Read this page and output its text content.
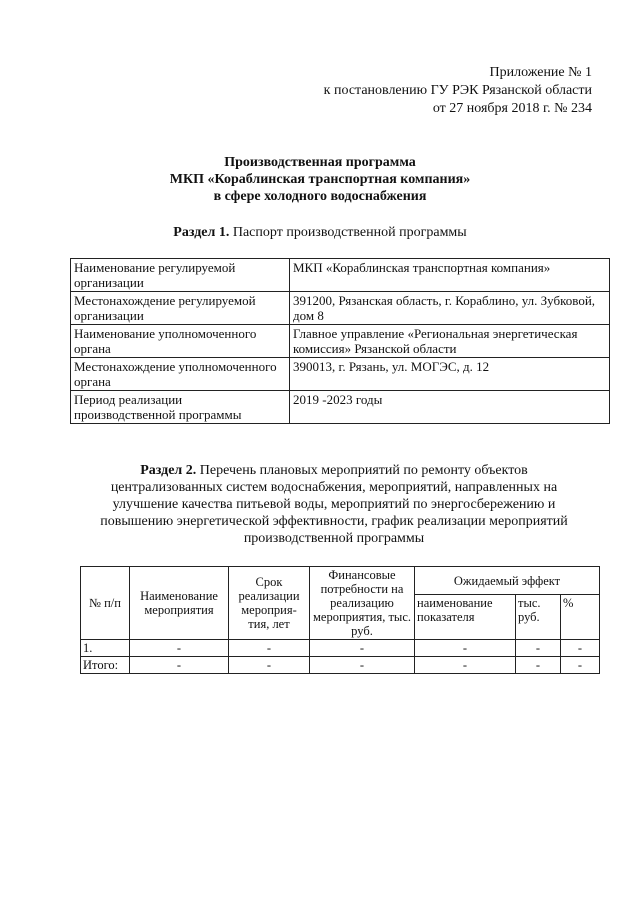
Приложение № 1
к постановлению ГУ РЭК Рязанской области
от 27 ноября 2018 г. № 234
Производственная программа
МКП «Кораблинская транспортная компания»
в сфере холодного водоснабжения
Раздел 1. Паспорт производственной программы
Наименование регулируемой организации	МКП «Кораблинская транспортная компания»
Местонахождение регулируемой организации	391200, Рязанская область, г. Кораблино, ул. Зубковой, дом 8
Наименование уполномоченного органа	Главное управление «Региональная энергетическая комиссия» Рязанской области
Местонахождение уполномоченного органа	390013, г. Рязань, ул. МОГЭС, д. 12
Период реализации производственной программы	2019 -2023 годы
Раздел 2. Перечень плановых мероприятий по ремонту объектов централизованных систем водоснабжения, мероприятий, направленных на улучшение качества питьевой воды, мероприятий по энергосбережению и повышению энергетической эффективности, график реализации мероприятий производственной программы
№ п/п	Наименование мероприятия	Срок реализации мероприя-тия, лет	Финансовые потребности на реализацию мероприятия, тыс. руб.	Ожидаемый эффект		
				наименование показателя	тыс. руб.	%
1.	-	-	-	-	-	-
Итого:	-	-	-	-	-	-
